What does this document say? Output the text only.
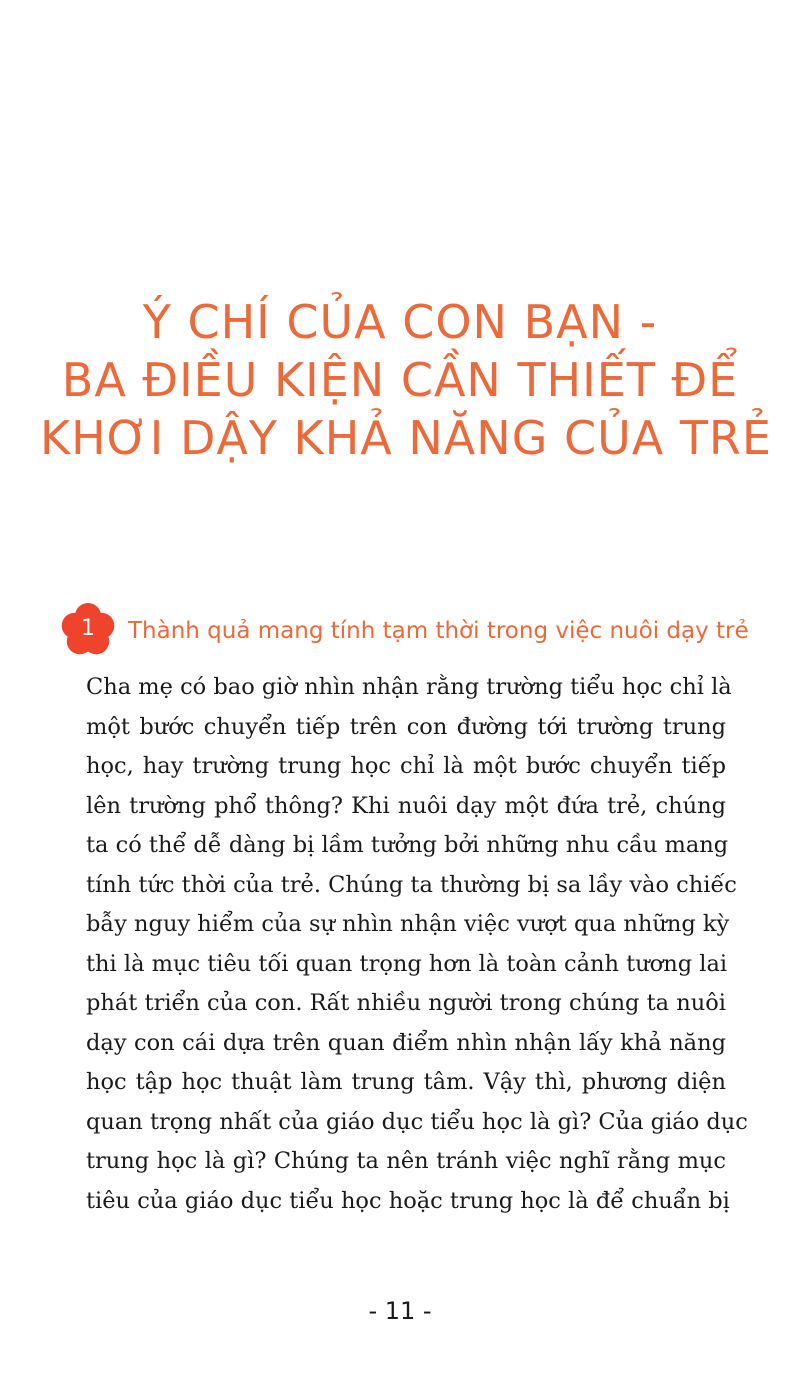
Ý CHÍ CỦA CON BẠN -
BA ĐIỀU KIỆN CẦN THIẾT ĐỂ
KHƠI DẬY KHẢ NĂNG CỦA TRẺ
1	Thành quả mang tính tạm thời trong việc nuôi dạy trẻ
Cha mẹ có bao giờ nhìn nhận rằng trường tiểu học chỉ là
một bước chuyển tiếp trên con đường tới trường trung
học, hay trường trung học chỉ là một bước chuyển tiếp
lên trường phổ thông? Khi nuôi dạy một đứa trẻ, chúng
ta có thể dễ dàng bị lầm tưởng bởi những nhu cầu mang
tính tức thời của trẻ. Chúng ta thường bị sa lầy vào chiếc
bẫy nguy hiểm của sự nhìn nhận việc vượt qua những kỳ
thi là mục tiêu tối quan trọng hơn là toàn cảnh tương lai
phát triển của con. Rất nhiều người trong chúng ta nuôi
dạy con cái dựa trên quan điểm nhìn nhận lấy khả năng
học tập học thuật làm trung tâm. Vậy thì, phương diện
quan trọng nhất của giáo dục tiểu học là gì? Của giáo dục
trung học là gì? Chúng ta nên tránh việc nghĩ rằng mục
tiêu của giáo dục tiểu học hoặc trung học là để chuẩn bị
- 11 -
